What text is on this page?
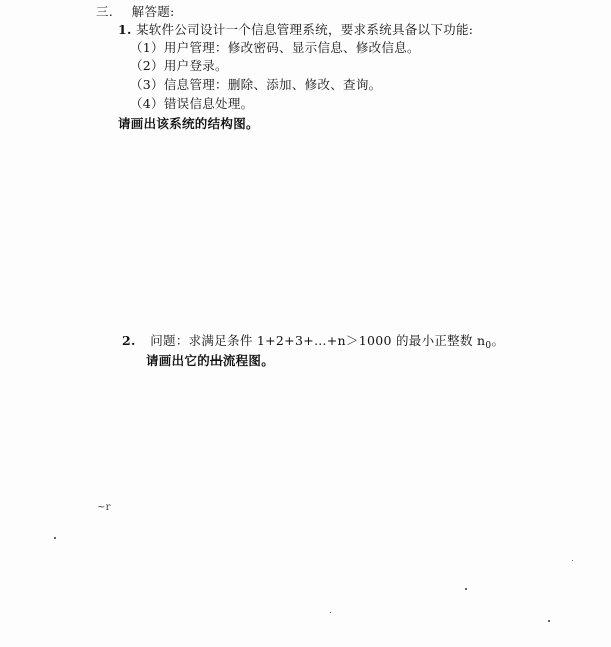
三. 解答题:
1. 某软件公司设计一个信息管理系统，要求系统具备以下功能:
（1）用户管理：修改密码、显示信息、修改信息。
（2）用户登录。
（3）信息管理：删除、添加、修改、查询。
（4）错误信息处理。
请画出该系统的结构图。
2. 问题：求满足条件 1+2+3+…+n＞1000 的最小正整数 $n_0$。
请画出它的出流程图。
~r
